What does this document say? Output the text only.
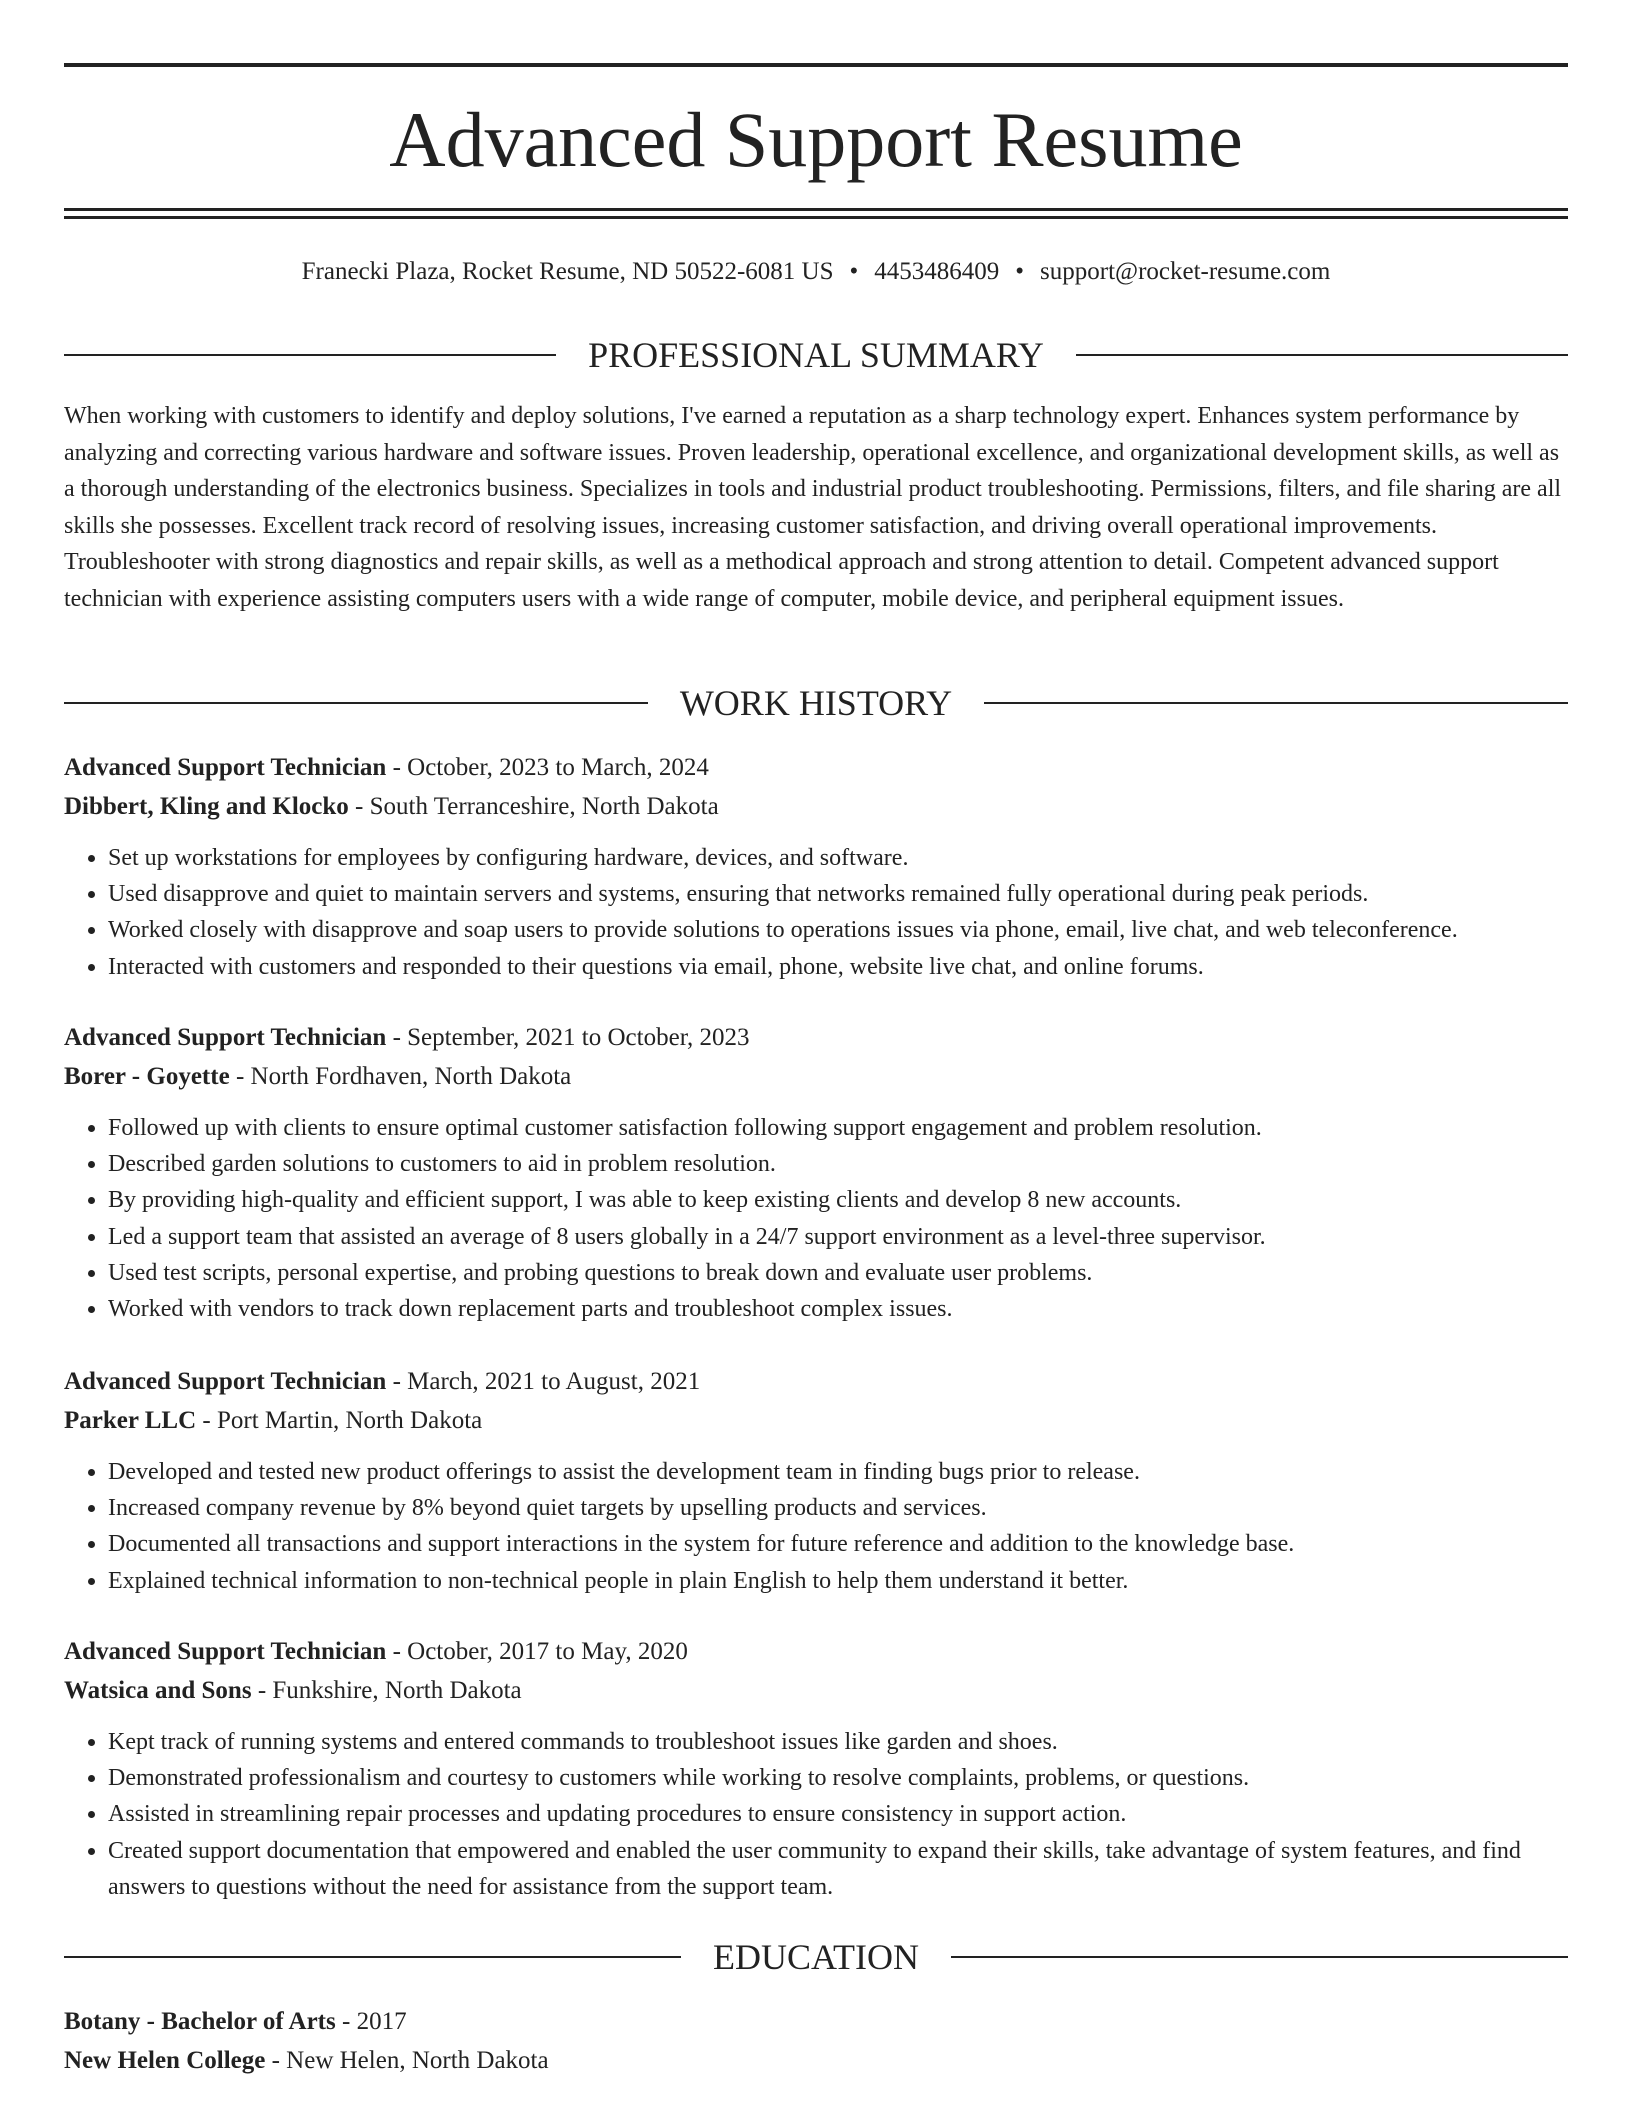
Advanced Support Resume
Franecki Plaza, Rocket Resume, ND 50522-6081 US • 4453486409 • support@rocket-resume.com
PROFESSIONAL SUMMARY

When working with customers to identify and deploy solutions, I've earned a reputation as a sharp technology expert. Enhances system performance by analyzing and correcting various hardware and software issues. Proven leadership, operational excellence, and organizational development skills, as well as a thorough understanding of the electronics business. Specializes in tools and industrial product troubleshooting. Permissions, filters, and file sharing are all skills she possesses. Excellent track record of resolving issues, increasing customer satisfaction, and driving overall operational improvements. Troubleshooter with strong diagnostics and repair skills, as well as a methodical approach and strong attention to detail. Competent advanced support technician with experience assisting computers users with a wide range of computer, mobile device, and peripheral equipment issues.

WORK HISTORY
Advanced Support Technician - October, 2023 to March, 2024
Dibbert, Kling and Klocko - South Terranceshire, North Dakota
• Set up workstations for employees by configuring hardware, devices, and software.
• Used disapprove and quiet to maintain servers and systems, ensuring that networks remained fully operational during peak periods.
• Worked closely with disapprove and soap users to provide solutions to operations issues via phone, email, live chat, and web teleconference.
• Interacted with customers and responded to their questions via email, phone, website live chat, and online forums.
Advanced Support Technician - September, 2021 to October, 2023
Borer - Goyette - North Fordhaven, North Dakota
• Followed up with clients to ensure optimal customer satisfaction following support engagement and problem resolution.
• Described garden solutions to customers to aid in problem resolution.
• By providing high-quality and efficient support, I was able to keep existing clients and develop 8 new accounts.
• Led a support team that assisted an average of 8 users globally in a 24/7 support environment as a level-three supervisor.
• Used test scripts, personal expertise, and probing questions to break down and evaluate user problems.
• Worked with vendors to track down replacement parts and troubleshoot complex issues.
Advanced Support Technician - March, 2021 to August, 2021
Parker LLC - Port Martin, North Dakota
• Developed and tested new product offerings to assist the development team in finding bugs prior to release.
• Increased company revenue by 8% beyond quiet targets by upselling products and services.
• Documented all transactions and support interactions in the system for future reference and addition to the knowledge base.
• Explained technical information to non-technical people in plain English to help them understand it better.
Advanced Support Technician - October, 2017 to May, 2020
Watsica and Sons - Funkshire, North Dakota
• Kept track of running systems and entered commands to troubleshoot issues like garden and shoes.
• Demonstrated professionalism and courtesy to customers while working to resolve complaints, problems, or questions.
• Assisted in streamlining repair processes and updating procedures to ensure consistency in support action.
• Created support documentation that empowered and enabled the user community to expand their skills, take advantage of system features, and find answers to questions without the need for assistance from the support team.
EDUCATION
Botany - Bachelor of Arts - 2017
New Helen College - New Helen, North Dakota
